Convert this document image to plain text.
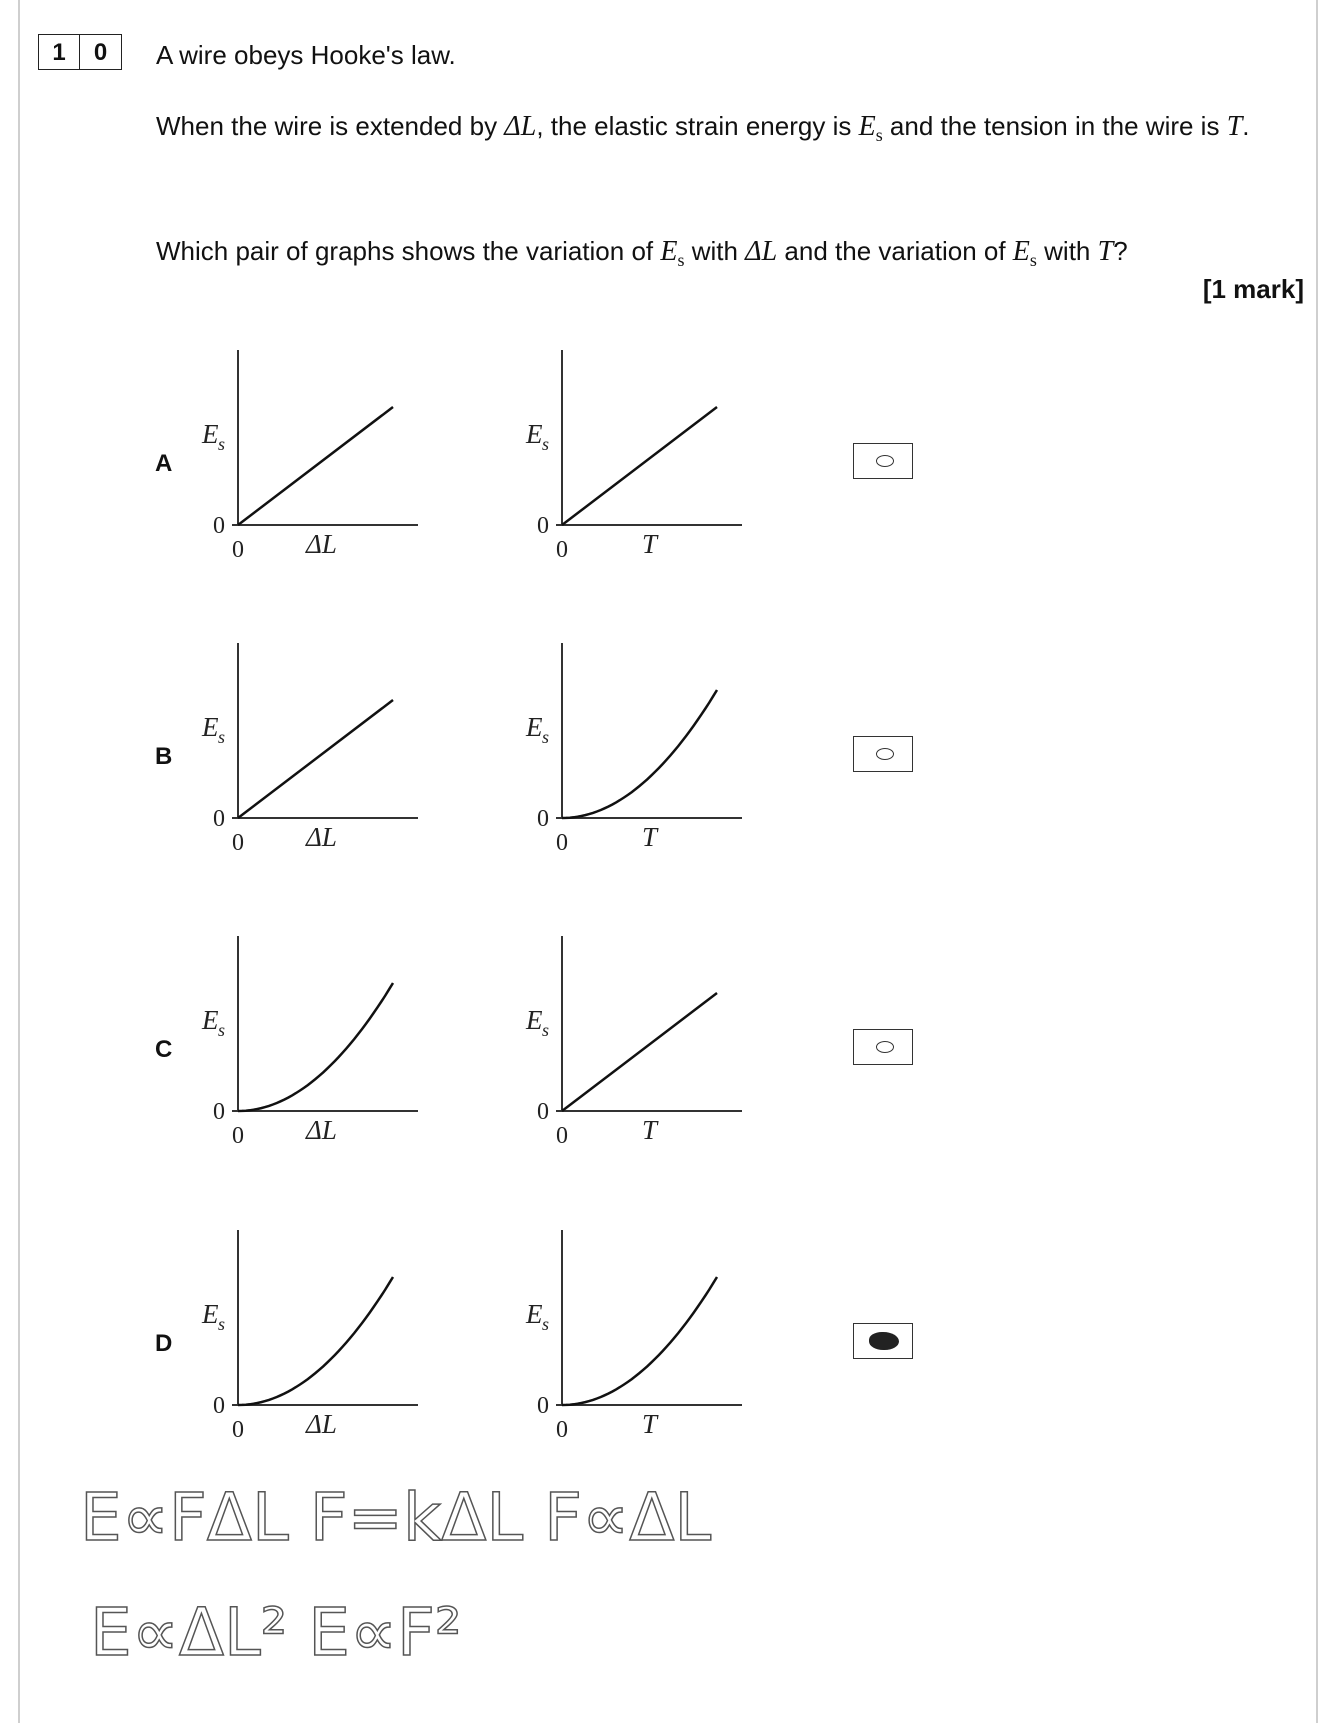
1	0	A wire obeys Hooke's law.
When the wire is extended by ΔL, the elastic strain energy is $E_s$ and the tension in the wire is T.
Which pair of graphs shows the variation of $E_s$ with ΔL and the variation of $E_s$ with T?
[1 mark]
A
E s
0
0 ΔL
E s
0
0	T
B
E s
0
0 ΔL
E s
0
0	T
C
E s
0
0 ΔL
E s
0
0	T
D
E s
0
0 ΔL
E s
0
0	T
E∝FΔL F=kΔL F∝ΔL
E∝ΔL² E∝F²
